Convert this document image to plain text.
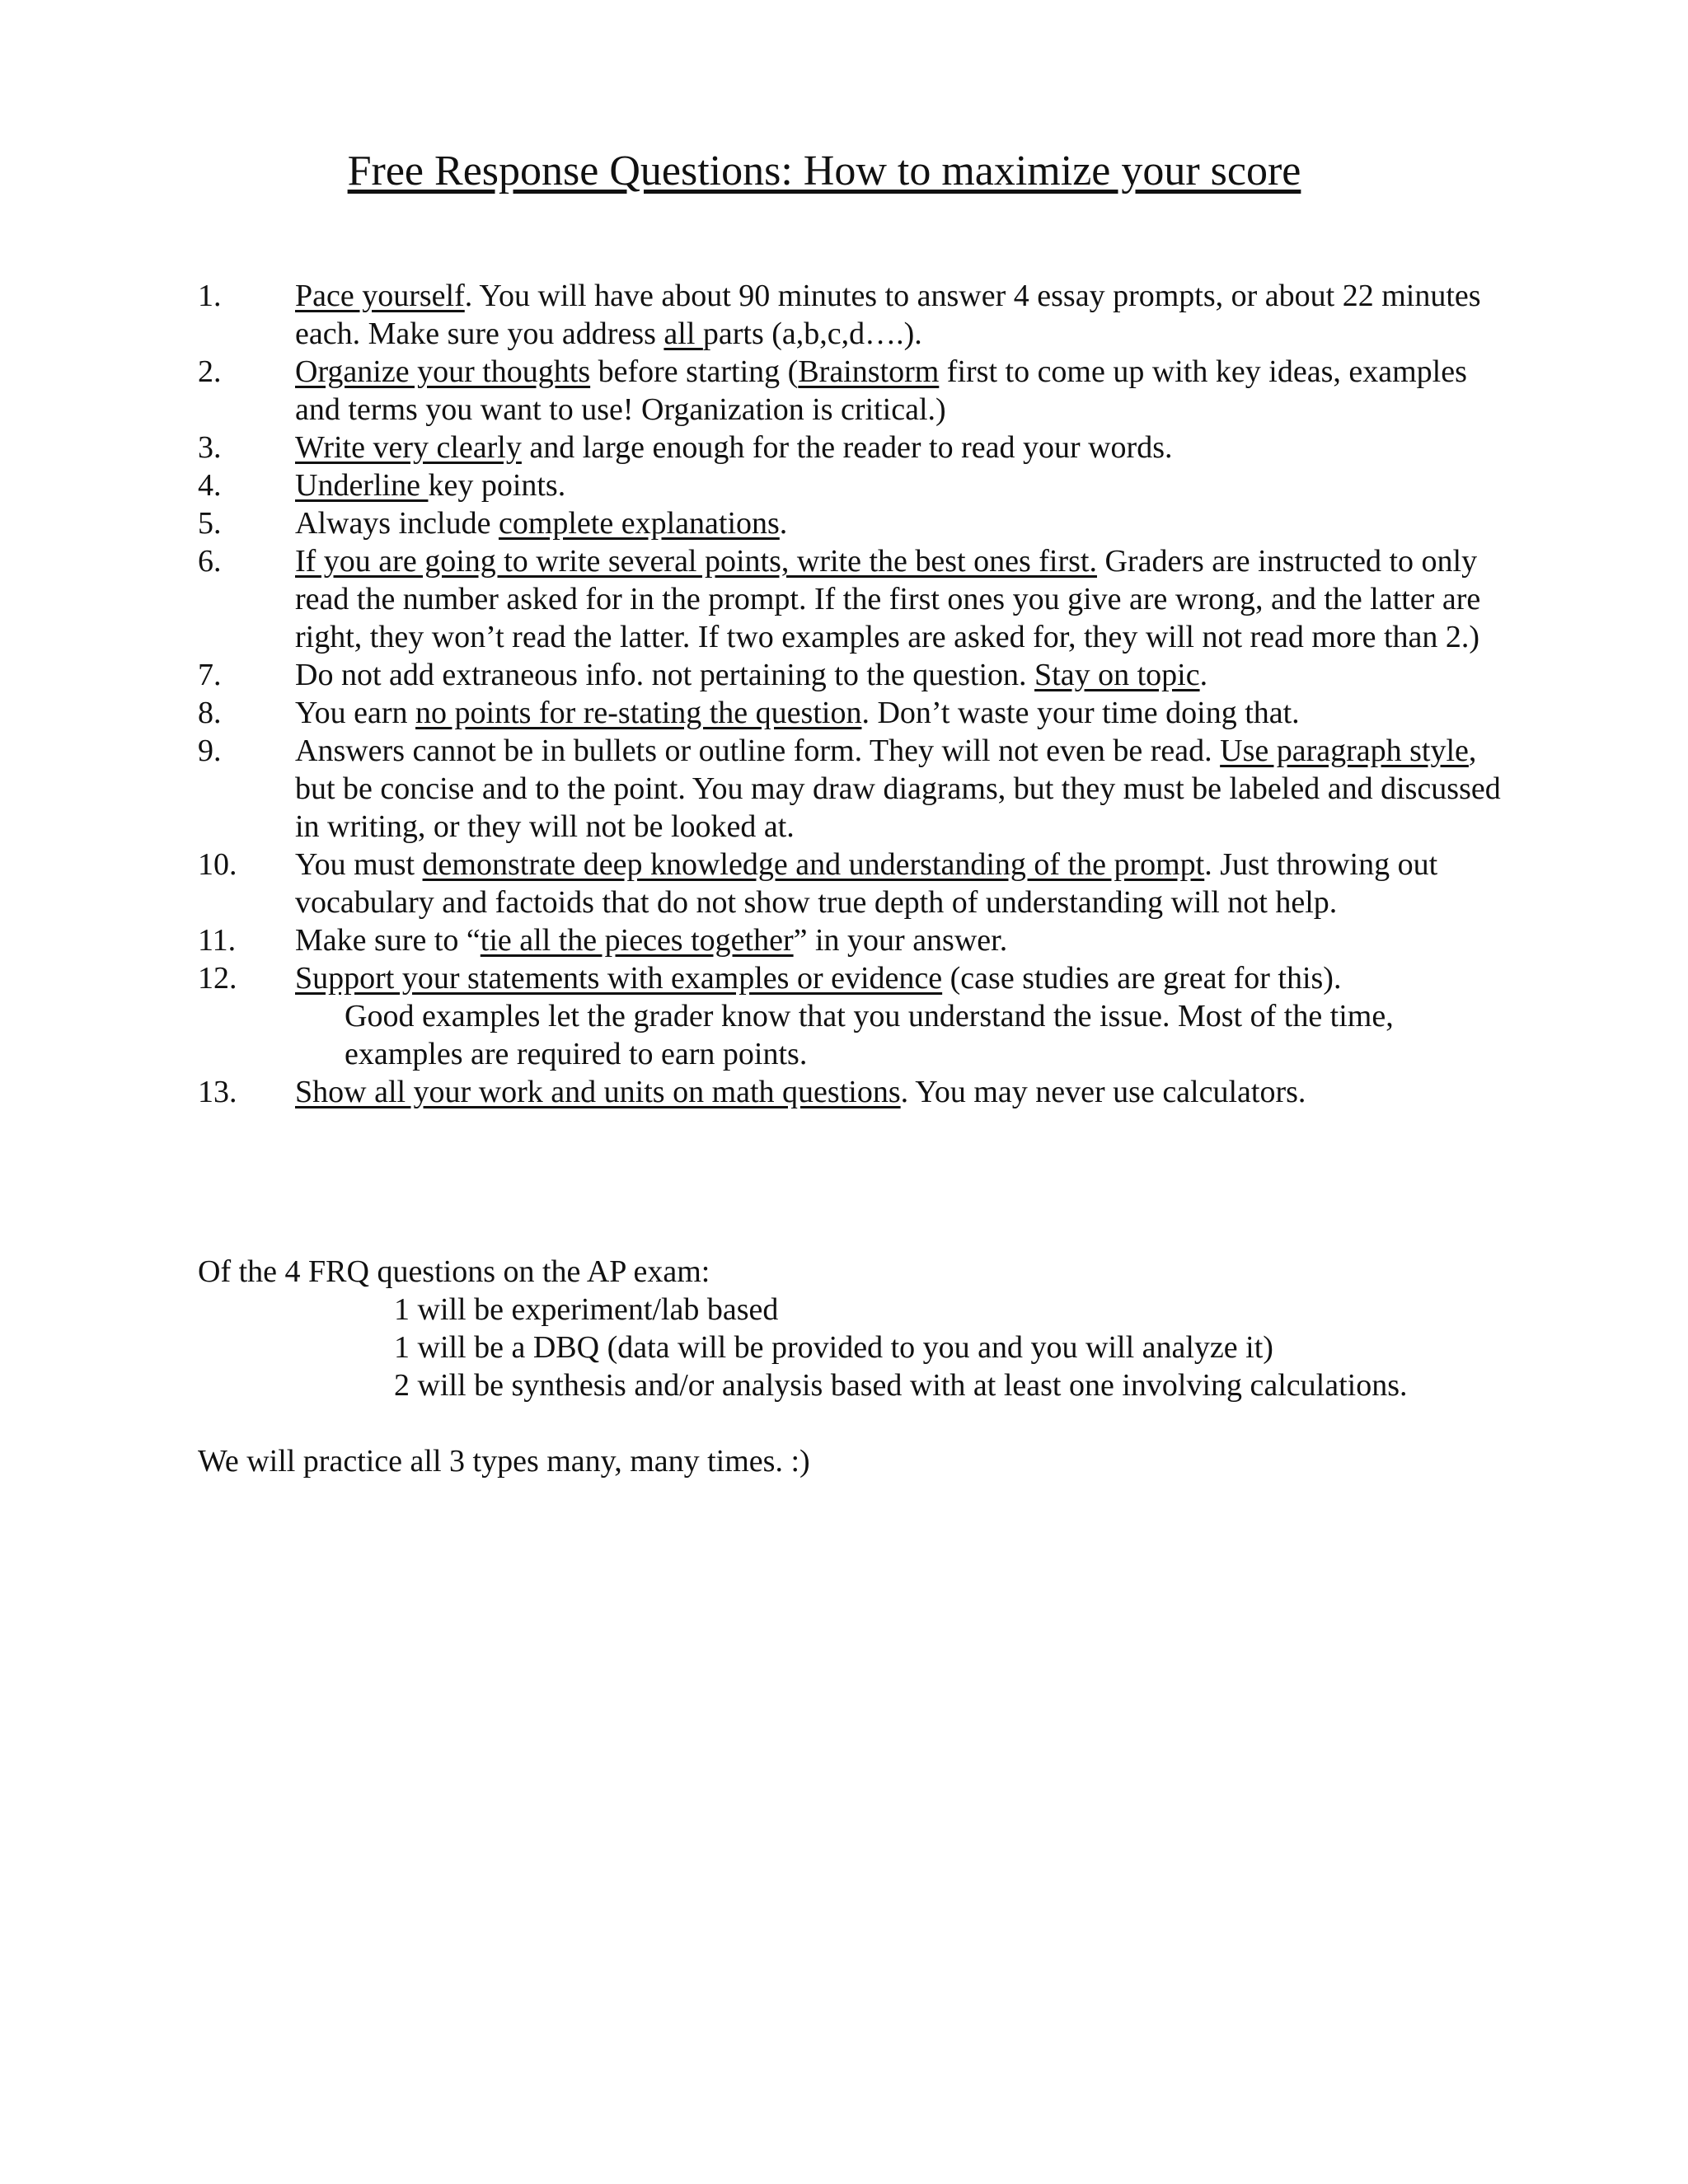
Free Response Questions: How to maximize your score
1. Pace yourself. You will have about 90 minutes to answer 4 essay prompts, or about 22 minutes each. Make sure you address all parts (a,b,c,d….).
2. Organize your thoughts before starting (Brainstorm first to come up with key ideas, examples and terms you want to use! Organization is critical.)
3. Write very clearly and large enough for the reader to read your words.
4. Underline key points.
5. Always include complete explanations.
6. If you are going to write several points, write the best ones first. Graders are instructed to only read the number asked for in the prompt. If the first ones you give are wrong, and the latter are right, they won’t read the latter. If two examples are asked for, they will not read more than 2.)
7. Do not add extraneous info. not pertaining to the question. Stay on topic.
8. You earn no points for re-stating the question. Don’t waste your time doing that.
9. Answers cannot be in bullets or outline form. They will not even be read. Use paragraph style, but be concise and to the point. You may draw diagrams, but they must be labeled and discussed in writing, or they will not be looked at.
10. You must demonstrate deep knowledge and understanding of the prompt. Just throwing out vocabulary and factoids that do not show true depth of understanding will not help.
11. Make sure to “tie all the pieces together” in your answer.
12. Support your statements with examples or evidence (case studies are great for this).
Good examples let the grader know that you understand the issue. Most of the time, examples are required to earn points.
13. Show all your work and units on math questions. You may never use calculators.
Of the 4 FRQ questions on the AP exam:
1 will be experiment/lab based
1 will be a DBQ (data will be provided to you and you will analyze it)
2 will be synthesis and/or analysis based with at least one involving calculations.
We will practice all 3 types many, many times. :)
